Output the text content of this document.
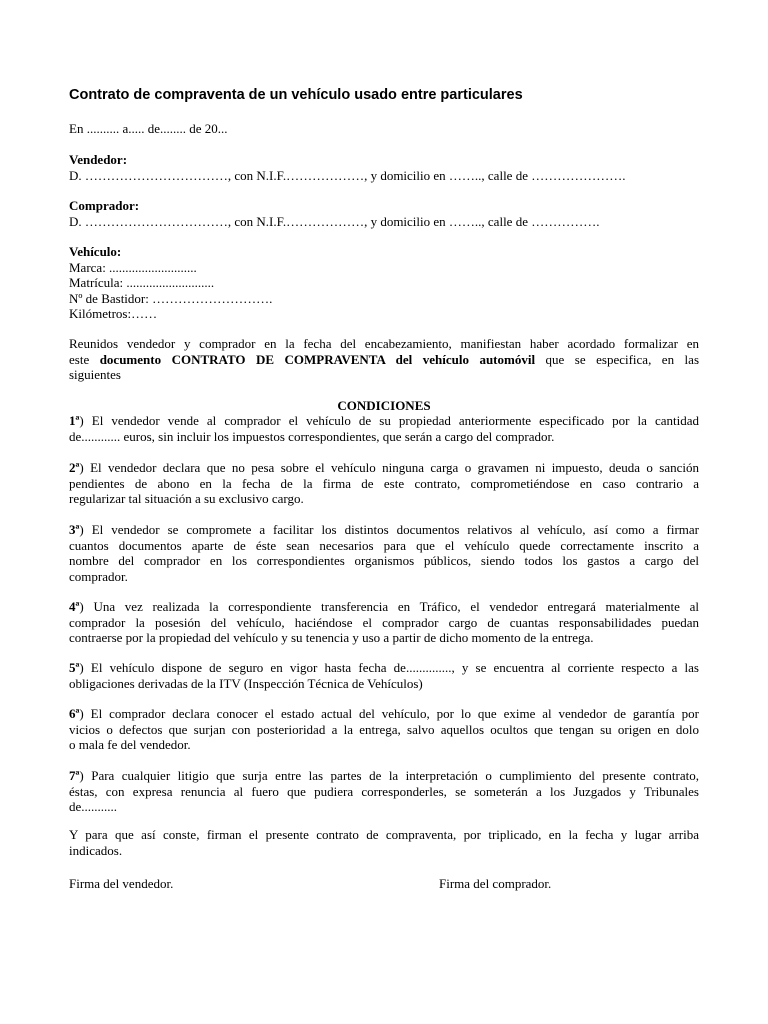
Contrato de compraventa de un vehículo usado entre particulares
En .......... a..... de........ de 20...
Vendedor:
D. ……………………………, con N.I.F.………………, y domicilio en …….., calle de ………………….
Comprador:
D. ……………………………, con N.I.F.………………, y domicilio en …….., calle de …………….
Vehículo:
Marca: ...........................
Matrícula: ...........................
Nº de Bastidor: ……………………….
Kilómetros:……
Reunidos vendedor y comprador en la fecha del encabezamiento, manifiestan haber acordado formalizar en
este documento CONTRATO DE COMPRAVENTA del vehículo automóvil que se especifica, en las
siguientes
CONDICIONES
1ª) El vendedor vende al comprador el vehículo de su propiedad anteriormente especificado por la cantidad
de............ euros, sin incluir los impuestos correspondientes, que serán a cargo del comprador.
2ª) El vendedor declara que no pesa sobre el vehículo ninguna carga o gravamen ni impuesto, deuda o sanción
pendientes de abono en la fecha de la firma de este contrato, comprometiéndose en caso contrario a
regularizar tal situación a su exclusivo cargo.
3ª) El vendedor se compromete a facilitar los distintos documentos relativos al vehículo, así como a firmar
cuantos documentos aparte de éste sean necesarios para que el vehículo quede correctamente inscrito a
nombre del comprador en los correspondientes organismos públicos, siendo todos los gastos a cargo del
comprador.
4ª) Una vez realizada la correspondiente transferencia en Tráfico, el vendedor entregará materialmente al
comprador la posesión del vehículo, haciéndose el comprador cargo de cuantas responsabilidades puedan
contraerse por la propiedad del vehículo y su tenencia y uso a partir de dicho momento de la entrega.
5ª) El vehículo dispone de seguro en vigor hasta fecha de.............., y se encuentra al corriente respecto a las
obligaciones derivadas de la ITV (Inspección Técnica de Vehículos)
6ª) El comprador declara conocer el estado actual del vehículo, por lo que exime al vendedor de garantía por
vicios o defectos que surjan con posterioridad a la entrega, salvo aquellos ocultos que tengan su origen en dolo
o mala fe del vendedor.
7ª) Para cualquier litigio que surja entre las partes de la interpretación o cumplimiento del presente contrato,
éstas, con expresa renuncia al fuero que pudiera corresponderles, se someterán a los Juzgados y Tribunales
de...........
Y para que así conste, firman el presente contrato de compraventa, por triplicado, en la fecha y lugar arriba
indicados.
Firma del vendedor.	Firma del comprador.
